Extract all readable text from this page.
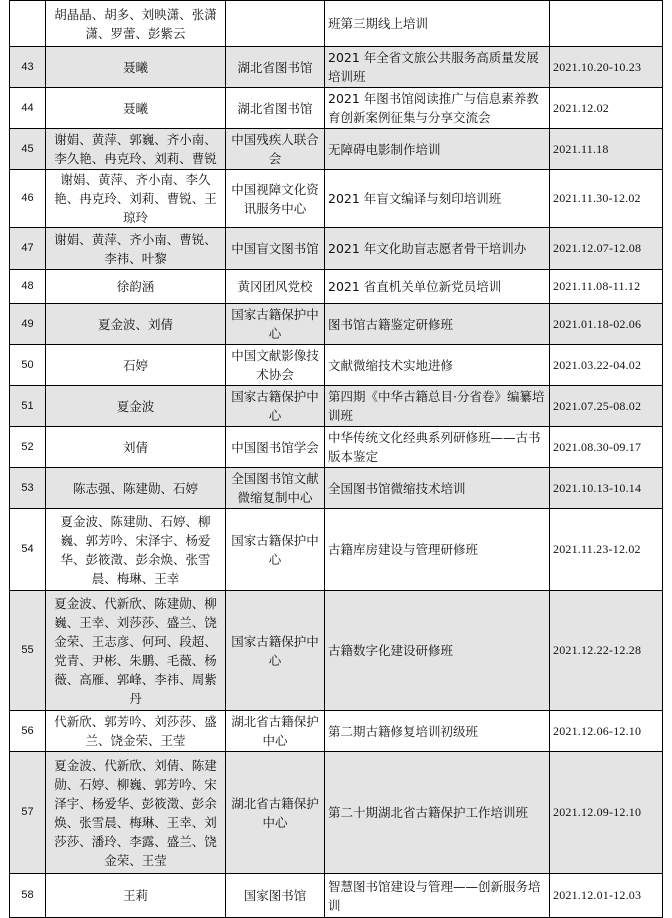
	胡晶晶、胡多、刘映潇、张潇潇、罗蕾、彭紫云		班第三期线上培训	
43	聂曦	湖北省图书馆	2021 年全省文旅公共服务高质量发展培训班	2021.10.20-10.23
44	聂曦	湖北省图书馆	2021 年图书馆阅读推广与信息素养教育创新案例征集与分享交流会	2021.12.02
45	谢娟、黄萍、郭巍、齐小南、李久艳、冉克玲、刘莉、曹锐	中国残疾人联合会	无障碍电影制作培训	2021.11.18
46	谢娟、黄萍、齐小南、李久艳、冉克玲、刘莉、曹锐、王琼玲	中国视障文化资讯服务中心	2021 年盲文编译与刻印培训班	2021.11.30-12.02
47	谢娟、黄萍、齐小南、曹锐、李祎、叶黎	中国盲文图书馆	2021 年文化助盲志愿者骨干培训办	2021.12.07-12.08
48	徐韵涵	黄冈团风党校	2021 省直机关单位新党员培训	2021.11.08-11.12
49	夏金波、刘倩	国家古籍保护中心	图书馆古籍鉴定研修班	2021.01.18-02.06
50	石婷	中国文献影像技术协会	文献微缩技术实地进修	2021.03.22-04.02
51	夏金波	国家古籍保护中心	第四期《中华古籍总目·分省卷》编纂培训班	2021.07.25-08.02
52	刘倩	中国图书馆学会	中华传统文化经典系列研修班——古书版本鉴定	2021.08.30-09.17
53	陈志强、陈建勋、石婷	全国图书馆文献微缩复制中心	全国图书馆微缩技术培训	2021.10.13-10.14
54	夏金波、陈建勋、石婷、柳巍、郭芳吟、宋泽宇、杨爱华、彭筱澂、彭余焕、张雪晨、梅琳、王幸	国家古籍保护中心	古籍库房建设与管理研修班	2021.11.23-12.02
55	夏金波、代新欣、陈建勋、柳巍、王幸、刘莎莎、盛兰、饶金荣、王志彦、何珂、段超、党青、尹彬、朱鹏、毛薇、杨薇、高雁、郭峰、李祎、周紫丹	国家古籍保护中心	古籍数字化建设研修班	2021.12.22-12.28
56	代新欣、郭芳吟、刘莎莎、盛兰、饶金荣、王莹	湖北省古籍保护中心	第二期古籍修复培训初级班	2021.12.06-12.10
57	夏金波、代新欣、刘倩、陈建勋、石婷、柳巍、郭芳吟、宋泽宇、杨爱华、彭筱澂、彭余焕、张雪晨、梅琳、王幸、刘莎莎、潘玲、李露、盛兰、饶金荣、王莹	湖北省古籍保护中心	第二十期湖北省古籍保护工作培训班	2021.12.09-12.10
58	王莉	国家图书馆	智慧图书馆建设与管理——创新服务培训	2021.12.01-12.03
